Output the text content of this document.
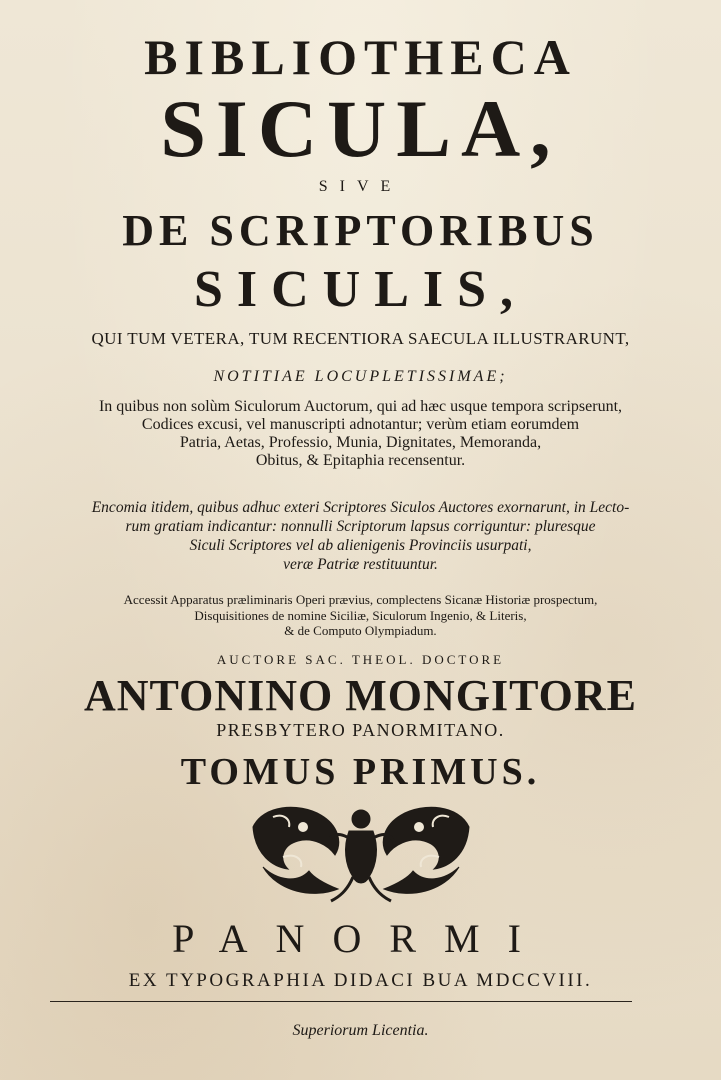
BIBLIOTHECA
SICULA,
SIVE
DE SCRIPTORIBUS
SICULIS,
QUI TUM VETERA, TUM RECENTIORA SAECULA ILLUSTRARUNT,
NOTITIAE LOCUPLETISSIMAE;
In quibus non solùm Siculorum Auctorum, qui ad hæc usque tempora scripserunt,
Codices excusi, vel manuscripti adnotantur; verùm etiam eorumdem
Patria, Aetas, Professio, Munia, Dignitates, Memoranda,
Obitus, & Epitaphia recensentur.
Encomia itidem, quibus adhuc exteri Scriptores Siculos Auctores exornarunt, in Lecto-
rum gratiam indicantur: nonnulli Scriptorum lapsus corriguntur: pluresque
Siculi Scriptores vel ab alienigenis Provinciis usurpati,
veræ Patriæ restituuntur.
Accessit Apparatus præliminaris Operi prævius, complectens Sicanæ Historiæ prospectum,
Disquisitiones de nomine Siciliæ, Siculorum Ingenio, & Literis,
& de Computo Olympiadum.
AUCTORE SAC. THEOL. DOCTORE
ANTONINO MONGITORE
PRESBYTERO PANORMITANO.
TOMUS PRIMUS.
PANORMI
EX TYPOGRAPHIA DIDACI BUA MDCCVIII.
Superiorum Licentia.
